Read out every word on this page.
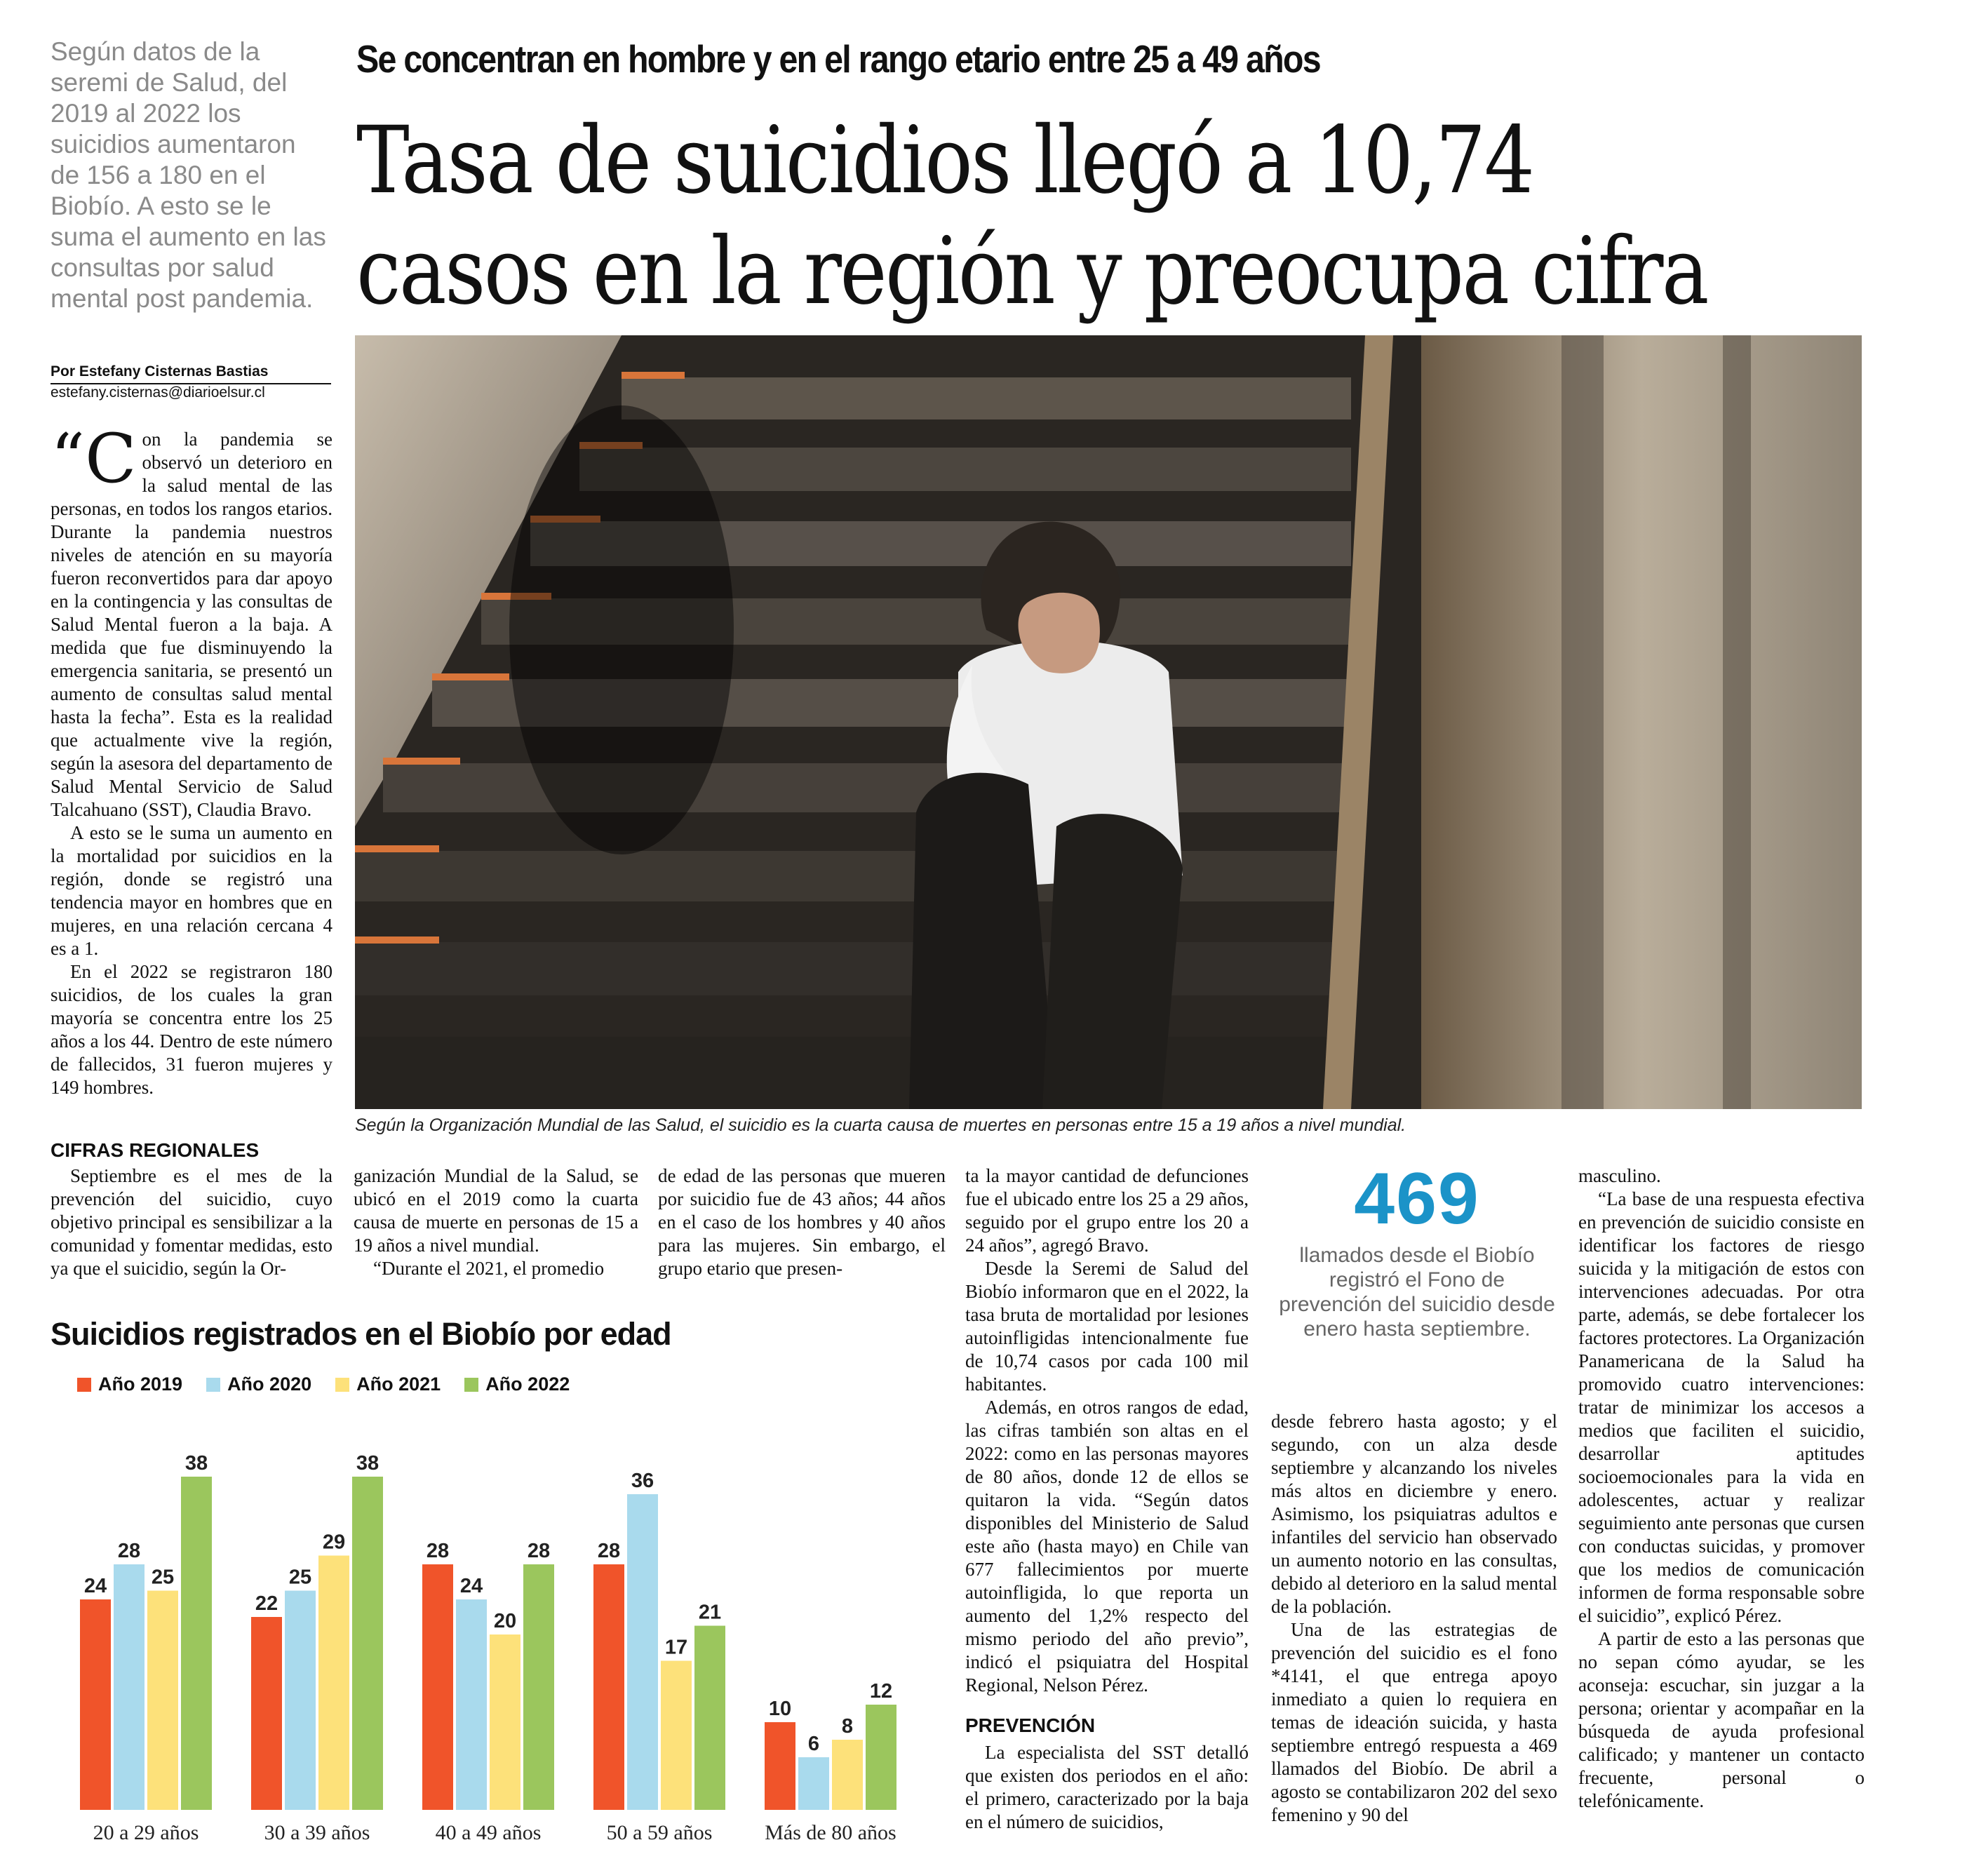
Según datos de la seremi de Salud, del 2019 al 2022 los suicidios aumentaron de 156 a 180 en el Biobío. A esto se le suma el aumento en las consultas por salud mental post pandemia.
Se concentran en hombre y en el rango etario entre 25 a 49 años
Tasa de suicidios llegó a 10,74 casos en la región y preocupa cifra
Por Estefany Cisternas Bastias
estefany.cisternas@diarioelsur.cl
Según la Organización Mundial de las Salud, el suicidio es la cuarta causa de muertes en personas entre 15 a 19 años a nivel mundial.

“Con la pandemia se observó un deterioro en la salud mental de las personas, en todos los rangos etarios. Durante la pandemia nuestros niveles de atención en su mayoría fueron reconvertidos para dar apoyo en la contingencia y las consultas de Salud Mental fueron a la baja. A medida que fue disminuyendo la emergencia sanitaria, se presentó un aumento de consultas salud mental hasta la fecha”. Esta es la realidad que actualmente vive la región, según la asesora del departamento de Salud Mental Servicio de Salud Talcahuano (SST), Claudia Bravo.

A esto se le suma un aumento en la mortalidad por suicidios en la región, donde se registró una tendencia mayor en hombres que en mujeres, en una relación cercana 4 es a 1.

En el 2022 se registraron 180 suicidios, de los cuales la gran mayoría se concentra entre los 25 años a los 44. Dentro de este número de fallecidos, 31 fueron mujeres y 149 hombres.

CIFRAS REGIONALES

Septiembre es el mes de la prevención del suicidio, cuyo objetivo principal es sensibilizar a la comunidad y fomentar medidas, esto ya que el suicidio, según la Or-

ganización Mundial de la Salud, se ubicó en el 2019 como la cuarta causa de muerte en personas de 15 a 19 años a nivel mundial.

“Durante el 2021, el promedio

de edad de las personas que mueren por suicidio fue de 43 años; 44 años en el caso de los hombres y 40 años para las mujeres. Sin embargo, el grupo etario que presen-

ta la mayor cantidad de defunciones fue el ubicado entre los 25 a 29 años, seguido por el grupo entre los 20 a 24 años”, agregó Bravo.

Desde la Seremi de Salud del Biobío informaron que en el 2022, la tasa bruta de mortalidad por lesiones autoinfligidas intencionalmente fue de 10,74 casos por cada 100 mil habitantes.

Además, en otros rangos de edad, las cifras también son altas en el 2022: como en las personas mayores de 80 años, donde 12 de ellos se quitaron la vida. “Según datos disponibles del Ministerio de Salud este año (hasta mayo) en Chile van 677 fallecimientos por muerte autoinfligida, lo que reporta un aumento del 1,2% respecto del mismo periodo del año previo”, indicó el psiquiatra del Hospital Regional, Nelson Pérez.

PREVENCIÓN

La especialista del SST detalló que existen dos periodos en el año: el primero, caracterizado por la baja en el número de suicidios,

469
llamados desde el Biobío registró el Fono de prevención del suicidio desde enero hasta septiembre.

desde febrero hasta agosto; y el segundo, con un alza desde septiembre y alcanzando los niveles más altos en diciembre y enero. Asimismo, los psiquiatras adultos e infantiles del servicio han observado un aumento notorio en las consultas, debido al deterioro en la salud mental de la población.

Una de las estrategias de prevención del suicidio es el fono *4141, el que entrega apoyo inmediato a quien lo requiera en temas de ideación suicida, y hasta septiembre entregó respuesta a 469 llamados del Biobío. De abril a agosto se contabilizaron 202 del sexo femenino y 90 del

masculino.

“La base de una respuesta efectiva en prevención de suicidio consiste en identificar los factores de riesgo suicida y la mitigación de estos con intervenciones adecuadas. Por otra parte, además, se debe fortalecer los factores protectores. La Organización Panamericana de la Salud ha promovido cuatro intervenciones: tratar de minimizar los accesos a medios que faciliten el suicidio, desarrollar aptitudes socioemocionales para la vida en adolescentes, actuar y realizar seguimiento ante personas que cursen con conductas suicidas, y promover que los medios de comunicación informen de forma responsable sobre el suicidio”, explicó Pérez.

A partir de esto a las personas que no sepan cómo ayudar, se les aconseja: escuchar, sin juzgar a la persona; orientar y acompañar en la búsqueda de ayuda profesional calificado; y mantener un contacto frecuente, personal o telefónicamente.

Suicidios registrados en el Biobío por edad
Año 2019 Año 2020 Año 2021 Año 2022
24
28
25
38
20 a 29 años
22
25
29
38
30 a 39 años
28
24
20
28
40 a 49 años
28
36
17
21
50 a 59 años
10
6
8
12
Más de 80 años
